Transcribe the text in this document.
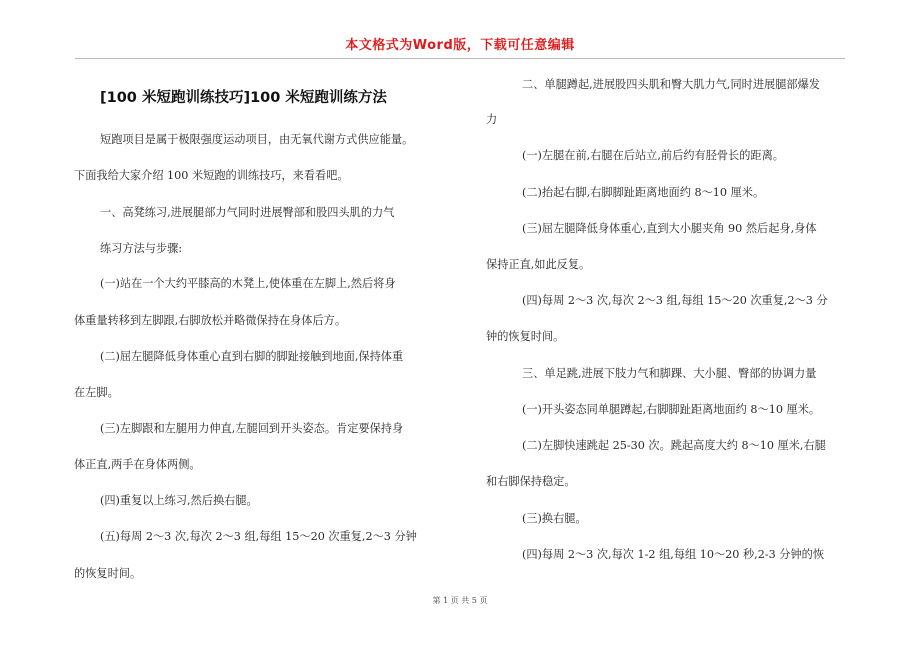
本文格式为Word版，下载可任意编辑
[100 米短跑训练技巧]100 米短跑训练方法
短跑项目是属于极限强度运动项目，由无氧代谢方式供应能量。
下面我给大家介绍 100 米短跑的训练技巧，来看看吧。
一、高凳练习,进展腿部力气同时进展臀部和股四头肌的力气
练习方法与步骤:
(一)站在一个大约平膝高的木凳上,使体重在左脚上,然后将身
体重量转移到左脚跟,右脚放松并略微保持在身体后方。
(二)屈左腿降低身体重心直到右脚的脚趾接触到地面,保持体重
在左脚。
(三)左脚跟和左腿用力伸直,左腿回到开头姿态。肯定要保持身
体正直,两手在身体两侧。
(四)重复以上练习,然后换右腿。
(五)每周 2～3 次,每次 2～3 组,每组 15～20 次重复,2～3 分钟
的恢复时间。
二、单腿蹲起,进展股四头肌和臀大肌力气,同时进展腿部爆发
力
(一)左腿在前,右腿在后站立,前后约有胫骨长的距离。
(二)抬起右脚,右脚脚趾距离地面约 8～10 厘米。
(三)屈左腿降低身体重心,直到大小腿夹角 90 然后起身,身体
保持正直,如此反复。
(四)每周 2～3 次,每次 2～3 组,每组 15～20 次重复,2～3 分
钟的恢复时间。
三、单足跳,进展下肢力气和脚踝、大小腿、臀部的协调力量
(一)开头姿态同单腿蹲起,右脚脚趾距离地面约 8～10 厘米。
(二)左脚快速跳起 25-30 次。跳起高度大约 8～10 厘米,右腿
和右脚保持稳定。
(三)换右腿。
(四)每周 2～3 次,每次 1-2 组,每组 10～20 秒,2-3 分钟的恢
第 1 页 共 5 页
